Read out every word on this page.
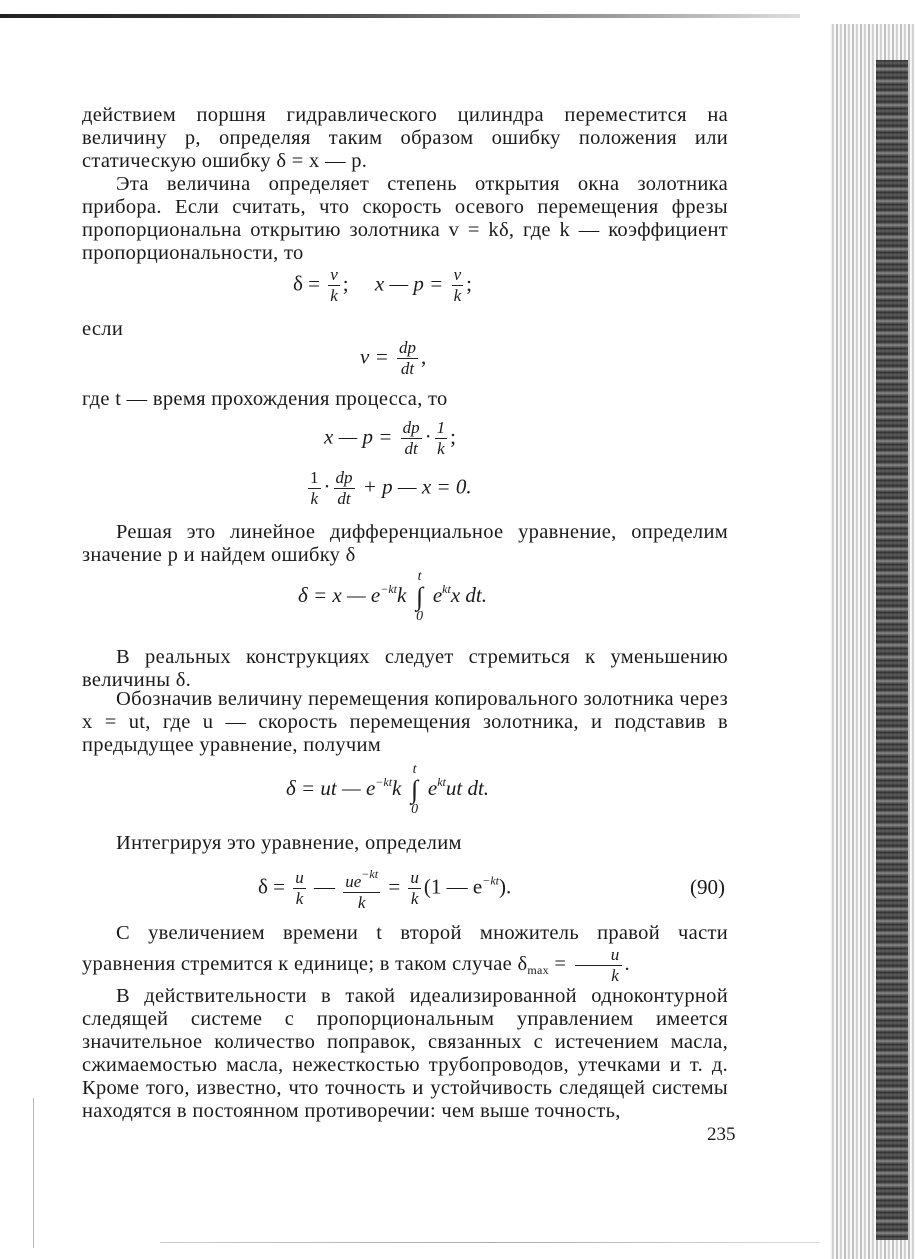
действием поршня гидравлического цилиндра переместится на величину p, определяя таким образом ошибку положения или статическую ошибку δ = x — p.

Эта величина определяет степень открытия окна золотника прибора. Если считать, что скорость осевого перемещения фрезы пропорциональна открытию золотника v = kδ, где k — коэффициент пропорциональности, то

$\delta = \frac{v}{k}$ ; x — $p = \frac{v}{k}$ ;

если

$v = \frac{dp}{dt}$ ,

где t — время прохождения процесса, то

x — $p = \frac{dp}{dt} \cdot \frac{1}{k}$ ;
$\frac{1}{k} \cdot \frac{dp}{dt} + p$ — x = 0.

Решая это линейное дифференциальное уравнение, определим значение p и найдем ошибку δ

δ = x — $e^{-kt}k$
t
∫
0
$e^{kt}x$ dt.

В реальных конструкциях следует стремиться к уменьшению величины δ.

Обозначив величину перемещения копировального золотника через x = ut, где u — скорость перемещения золотника, и подставив в предыдущее уравнение, получим

δ = ut — $e^{-kt}k$
t
∫
0
$e^{kt}ut$ dt.

Интегрируя это уравнение, определим

$\delta = \frac{u}{k}$ — $\frac{ue^{-kt}}{k} = \frac{u}{k} (1$ — $e^{-kt}$).	(90)

С увеличением времени t второй множитель правой части уравнения стремится к единице; в таком случае $\delta_{max} = \frac{u}{k}$ .

В действительности в такой идеализированной одноконтурной следящей системе с пропорциональным управлением имеется значительное количество поправок, связанных с истечением масла, сжимаемостью масла, нежесткостью трубопроводов, утечками и т. д. Кроме того, известно, что точность и устойчивость следящей системы находятся в постоянном противоречии: чем выше точность,

235
